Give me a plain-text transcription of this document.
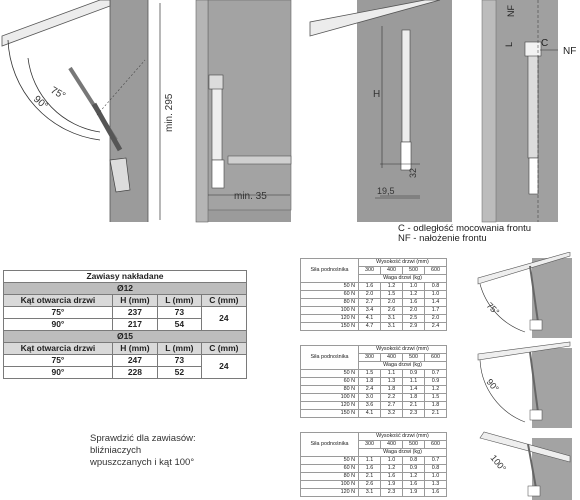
90°
75°
min. 295
min. 35
H
32
19,5
NF
L	C
NF
C - odległość mocowania frontu
NF - nałożenie frontu
Zawiasy nakładane			
Ø12			
Kąt otwarcia drzwi	H (mm)	L (mm)	C (mm)
75°	237	73	24
90°	217	54	
Ø15			
Kąt otwarcia drzwi	H (mm)	L (mm)	C (mm)
75°	247	73	24
90°	228	52	
Sprawdzić dla zawiasów:
bliźniaczych
wpuszczanych i kąt 100°
Siła podnośnika	Wysokość drzwi (mm)			
	300	400	500	600
	Waga drzwi (kg)			
50 N	1.6	1.2	1.0	0.8
60 N	2.0	1.5	1.2	1.0
80 N	2.7	2.0	1.6	1.4
100 N	3.4	2.6	2.0	1.7
120 N	4.1	3.1	2.5	2.0
150 N	4.7	3.1	2.9	2.4
Siła podnośnika	Wysokość drzwi (mm)			
	300	400	500	600
	Waga drzwi (kg)			
50 N	1.5	1.1	0.9	0.7
60 N	1.8	1.3	1.1	0.9
80 N	2.4	1.8	1.4	1.2
100 N	3.0	2.2	1.8	1.5
120 N	3.6	2.7	2.1	1.8
150 N	4.1	3.2	2.3	2.1
Siła podnośnika	Wysokość drzwi (mm)			
	300	400	500	600
	Waga drzwi (kg)			
50 N	1.1	1.0	0.8	0.7
60 N	1.6	1.2	0.9	0.8
80 N	2.1	1.6	1.2	1.0
100 N	2.6	1.9	1.6	1.3
120 N	3.1	2.3	1.9	1.6
75°
90°
100°
